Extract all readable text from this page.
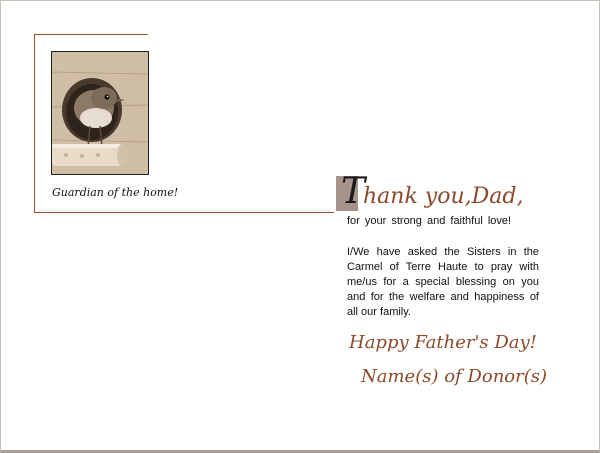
Guardian of the home!	Thank you,Dad,
for your strong and faithful love!
I/We have asked the Sisters in the Carmel of Terre Haute to pray with me/us for a special blessing on you and for the welfare and happiness of all our family.
Happy Father's Day!
Name(s) of Donor(s)
